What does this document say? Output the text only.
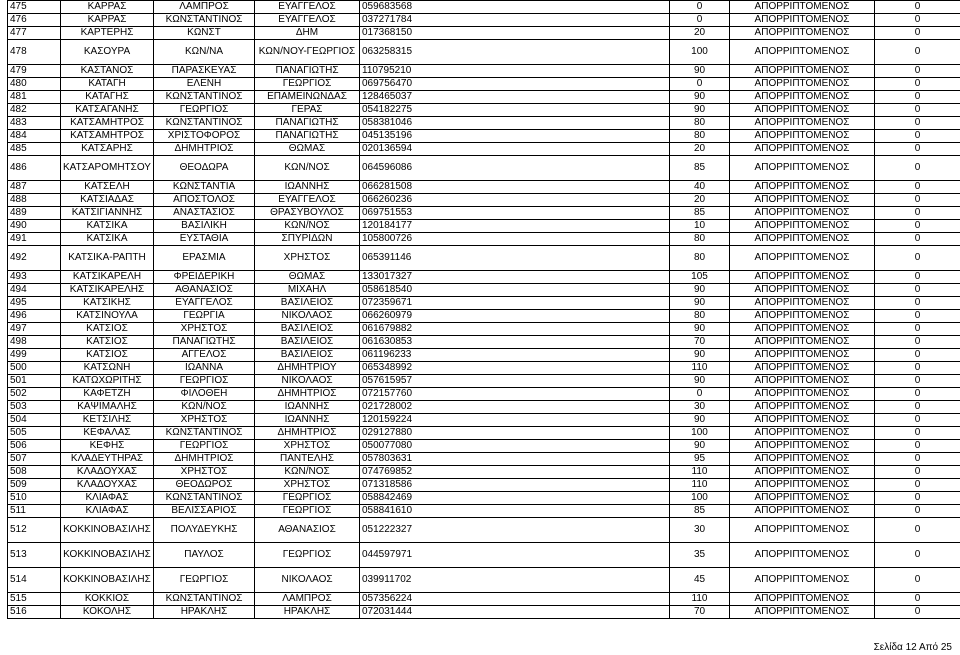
475	ΚΑΡΡΑΣ	ΛΑΜΠΡΟΣ	ΕΥΑΓΓΕΛΟΣ	059683568	0	ΑΠΟΡΡΙΠΤΟΜΕΝΟΣ	0
476	ΚΑΡΡΑΣ	ΚΩΝΣΤΑΝΤΙΝΟΣ	ΕΥΑΓΓΕΛΟΣ	037271784	0	ΑΠΟΡΡΙΠΤΟΜΕΝΟΣ	0
477	ΚΑΡΤΕΡΗΣ	ΚΩΝΣΤ	ΔΗΜ	017368150	20	ΑΠΟΡΡΙΠΤΟΜΕΝΟΣ	0
478	ΚΑΣΟΥΡΑ	ΚΩΝ/ΝΑ	ΚΩΝ/ΝΟΥ-ΓΕΩΡΓΙΟΣ	063258315	100	ΑΠΟΡΡΙΠΤΟΜΕΝΟΣ	0
479	ΚΑΣΤΑΝΟΣ	ΠΑΡΑΣΚΕΥΑΣ	ΠΑΝΑΓΙΩΤΗΣ	110795210	90	ΑΠΟΡΡΙΠΤΟΜΕΝΟΣ	0
480	ΚΑΤΑΓΗ	ΕΛΕΝΗ	ΓΕΩΡΓΙΟΣ	069756470	0	ΑΠΟΡΡΙΠΤΟΜΕΝΟΣ	0
481	ΚΑΤΑΓΗΣ	ΚΩΝΣΤΑΝΤΙΝΟΣ	ΕΠΑΜΕΙΝΩΝΔΑΣ	128465037	90	ΑΠΟΡΡΙΠΤΟΜΕΝΟΣ	0
482	ΚΑΤΣΑΓΑΝΗΣ	ΓΕΩΡΓΙΟΣ	ΓΕΡΑΣ	054182275	90	ΑΠΟΡΡΙΠΤΟΜΕΝΟΣ	0
483	ΚΑΤΣΑΜΗΤΡΟΣ	ΚΩΝΣΤΑΝΤΙΝΟΣ	ΠΑΝΑΓΙΩΤΗΣ	058381046	80	ΑΠΟΡΡΙΠΤΟΜΕΝΟΣ	0
484	ΚΑΤΣΑΜΗΤΡΟΣ	ΧΡΙΣΤΟΦΟΡΟΣ	ΠΑΝΑΓΙΩΤΗΣ	045135196	80	ΑΠΟΡΡΙΠΤΟΜΕΝΟΣ	0
485	ΚΑΤΣΑΡΗΣ	ΔΗΜΗΤΡΙΟΣ	ΘΩΜΑΣ	020136594	20	ΑΠΟΡΡΙΠΤΟΜΕΝΟΣ	0
486	ΚΑΤΣΑΡΟΜΗΤΣΟΥ	ΘΕΟΔΩΡΑ	ΚΩΝ/ΝΟΣ	064596086	85	ΑΠΟΡΡΙΠΤΟΜΕΝΟΣ	0
487	ΚΑΤΣΕΛΗ	ΚΩΝΣΤΑΝΤΙΑ	ΙΩΑΝΝΗΣ	066281508	40	ΑΠΟΡΡΙΠΤΟΜΕΝΟΣ	0
488	ΚΑΤΣΙΑΔΑΣ	ΑΠΟΣΤΟΛΟΣ	ΕΥΑΓΓΕΛΟΣ	066260236	20	ΑΠΟΡΡΙΠΤΟΜΕΝΟΣ	0
489	ΚΑΤΣΙΓΙΑΝΝΗΣ	ΑΝΑΣΤΑΣΙΟΣ	ΘΡΑΣΥΒΟΥΛΟΣ	069751553	85	ΑΠΟΡΡΙΠΤΟΜΕΝΟΣ	0
490	ΚΑΤΣΙΚΑ	ΒΑΣΙΛΙΚΗ	ΚΩΝ/ΝΟΣ	120184177	10	ΑΠΟΡΡΙΠΤΟΜΕΝΟΣ	0
491	ΚΑΤΣΙΚΑ	ΕΥΣΤΑΘΙΑ	ΣΠΥΡΙΔΩΝ	105800726	80	ΑΠΟΡΡΙΠΤΟΜΕΝΟΣ	0
492	ΚΑΤΣΙΚΑ-ΡΑΠΤΗ	ΕΡΑΣΜΙΑ	ΧΡΗΣΤΟΣ	065391146	80	ΑΠΟΡΡΙΠΤΟΜΕΝΟΣ	0
493	ΚΑΤΣΙΚΑΡΕΛΗ	ΦΡΕΙΔΕΡΙΚΗ	ΘΩΜΑΣ	133017327	105	ΑΠΟΡΡΙΠΤΟΜΕΝΟΣ	0
494	ΚΑΤΣΙΚΑΡΕΛΗΣ	ΑΘΑΝΑΣΙΟΣ	ΜΙΧΑΗΛ	058618540	90	ΑΠΟΡΡΙΠΤΟΜΕΝΟΣ	0
495	ΚΑΤΣΙΚΗΣ	ΕΥΑΓΓΕΛΟΣ	ΒΑΣΙΛΕΙΟΣ	072359671	90	ΑΠΟΡΡΙΠΤΟΜΕΝΟΣ	0
496	ΚΑΤΣΙΝΟΥΛΑ	ΓΕΩΡΓΙΑ	ΝΙΚΟΛΑΟΣ	066260979	80	ΑΠΟΡΡΙΠΤΟΜΕΝΟΣ	0
497	ΚΑΤΣΙΟΣ	ΧΡΗΣΤΟΣ	ΒΑΣΙΛΕΙΟΣ	061679882	90	ΑΠΟΡΡΙΠΤΟΜΕΝΟΣ	0
498	ΚΑΤΣΙΟΣ	ΠΑΝΑΓΙΩΤΗΣ	ΒΑΣΙΛΕΙΟΣ	061630853	70	ΑΠΟΡΡΙΠΤΟΜΕΝΟΣ	0
499	ΚΑΤΣΙΟΣ	ΑΓΓΕΛΟΣ	ΒΑΣΙΛΕΙΟΣ	061196233	90	ΑΠΟΡΡΙΠΤΟΜΕΝΟΣ	0
500	ΚΑΤΣΩΝΗ	ΙΩΑΝΝΑ	ΔΗΜΗΤΡΙΟΥ	065348992	110	ΑΠΟΡΡΙΠΤΟΜΕΝΟΣ	0
501	ΚΑΤΩΧΩΡΙΤΗΣ	ΓΕΩΡΓΙΟΣ	ΝΙΚΟΛΑΟΣ	057615957	90	ΑΠΟΡΡΙΠΤΟΜΕΝΟΣ	0
502	ΚΑΦΕΤΖΗ	ΦΙΛΟΘΕΗ	ΔΗΜΗΤΡΙΟΣ	072157760	0	ΑΠΟΡΡΙΠΤΟΜΕΝΟΣ	0
503	ΚΑΨΙΜΑΛΗΣ	ΚΩΝ/ΝΟΣ	ΙΩΑΝΝΗΣ	021728002	30	ΑΠΟΡΡΙΠΤΟΜΕΝΟΣ	0
504	ΚΕΤΣΙΛΗΣ	ΧΡΗΣΤΟΣ	ΙΩΑΝΝΗΣ	120159224	90	ΑΠΟΡΡΙΠΤΟΜΕΝΟΣ	0
505	ΚΕΦΑΛΑΣ	ΚΩΝΣΤΑΝΤΙΝΟΣ	ΔΗΜΗΤΡΙΟΣ	029127880	100	ΑΠΟΡΡΙΠΤΟΜΕΝΟΣ	0
506	ΚΕΦΗΣ	ΓΕΩΡΓΙΟΣ	ΧΡΗΣΤΟΣ	050077080	90	ΑΠΟΡΡΙΠΤΟΜΕΝΟΣ	0
507	ΚΛΑΔΕΥΤΗΡΑΣ	ΔΗΜΗΤΡΙΟΣ	ΠΑΝΤΕΛΗΣ	057803631	95	ΑΠΟΡΡΙΠΤΟΜΕΝΟΣ	0
508	ΚΛΑΔΟΥΧΑΣ	ΧΡΗΣΤΟΣ	ΚΩΝ/ΝΟΣ	074769852	110	ΑΠΟΡΡΙΠΤΟΜΕΝΟΣ	0
509	ΚΛΑΔΟΥΧΑΣ	ΘΕΟΔΩΡΟΣ	ΧΡΗΣΤΟΣ	071318586	110	ΑΠΟΡΡΙΠΤΟΜΕΝΟΣ	0
510	ΚΛΙΑΦΑΣ	ΚΩΝΣΤΑΝΤΙΝΟΣ	ΓΕΩΡΓΙΟΣ	058842469	100	ΑΠΟΡΡΙΠΤΟΜΕΝΟΣ	0
511	ΚΛΙΑΦΑΣ	ΒΕΛΙΣΣΑΡΙΟΣ	ΓΕΩΡΓΙΟΣ	058841610	85	ΑΠΟΡΡΙΠΤΟΜΕΝΟΣ	0
512	ΚΟΚΚΙΝΟΒΑΣΙΛΗΣ	ΠΟΛΥΔΕΥΚΗΣ	ΑΘΑΝΑΣΙΟΣ	051222327	30	ΑΠΟΡΡΙΠΤΟΜΕΝΟΣ	0
513	ΚΟΚΚΙΝΟΒΑΣΙΛΗΣ	ΠΑΥΛΟΣ	ΓΕΩΡΓΙΟΣ	044597971	35	ΑΠΟΡΡΙΠΤΟΜΕΝΟΣ	0
514	ΚΟΚΚΙΝΟΒΑΣΙΛΗΣ	ΓΕΩΡΓΙΟΣ	ΝΙΚΟΛΑΟΣ	039911702	45	ΑΠΟΡΡΙΠΤΟΜΕΝΟΣ	0
515	ΚΟΚΚΙΟΣ	ΚΩΝΣΤΑΝΤΙΝΟΣ	ΛΑΜΠΡΟΣ	057356224	110	ΑΠΟΡΡΙΠΤΟΜΕΝΟΣ	0
516	ΚΟΚΟΛΗΣ	ΗΡΑΚΛΗΣ	ΗΡΑΚΛΗΣ	072031444	70	ΑΠΟΡΡΙΠΤΟΜΕΝΟΣ	0
Σελίδα 12 Από 25
